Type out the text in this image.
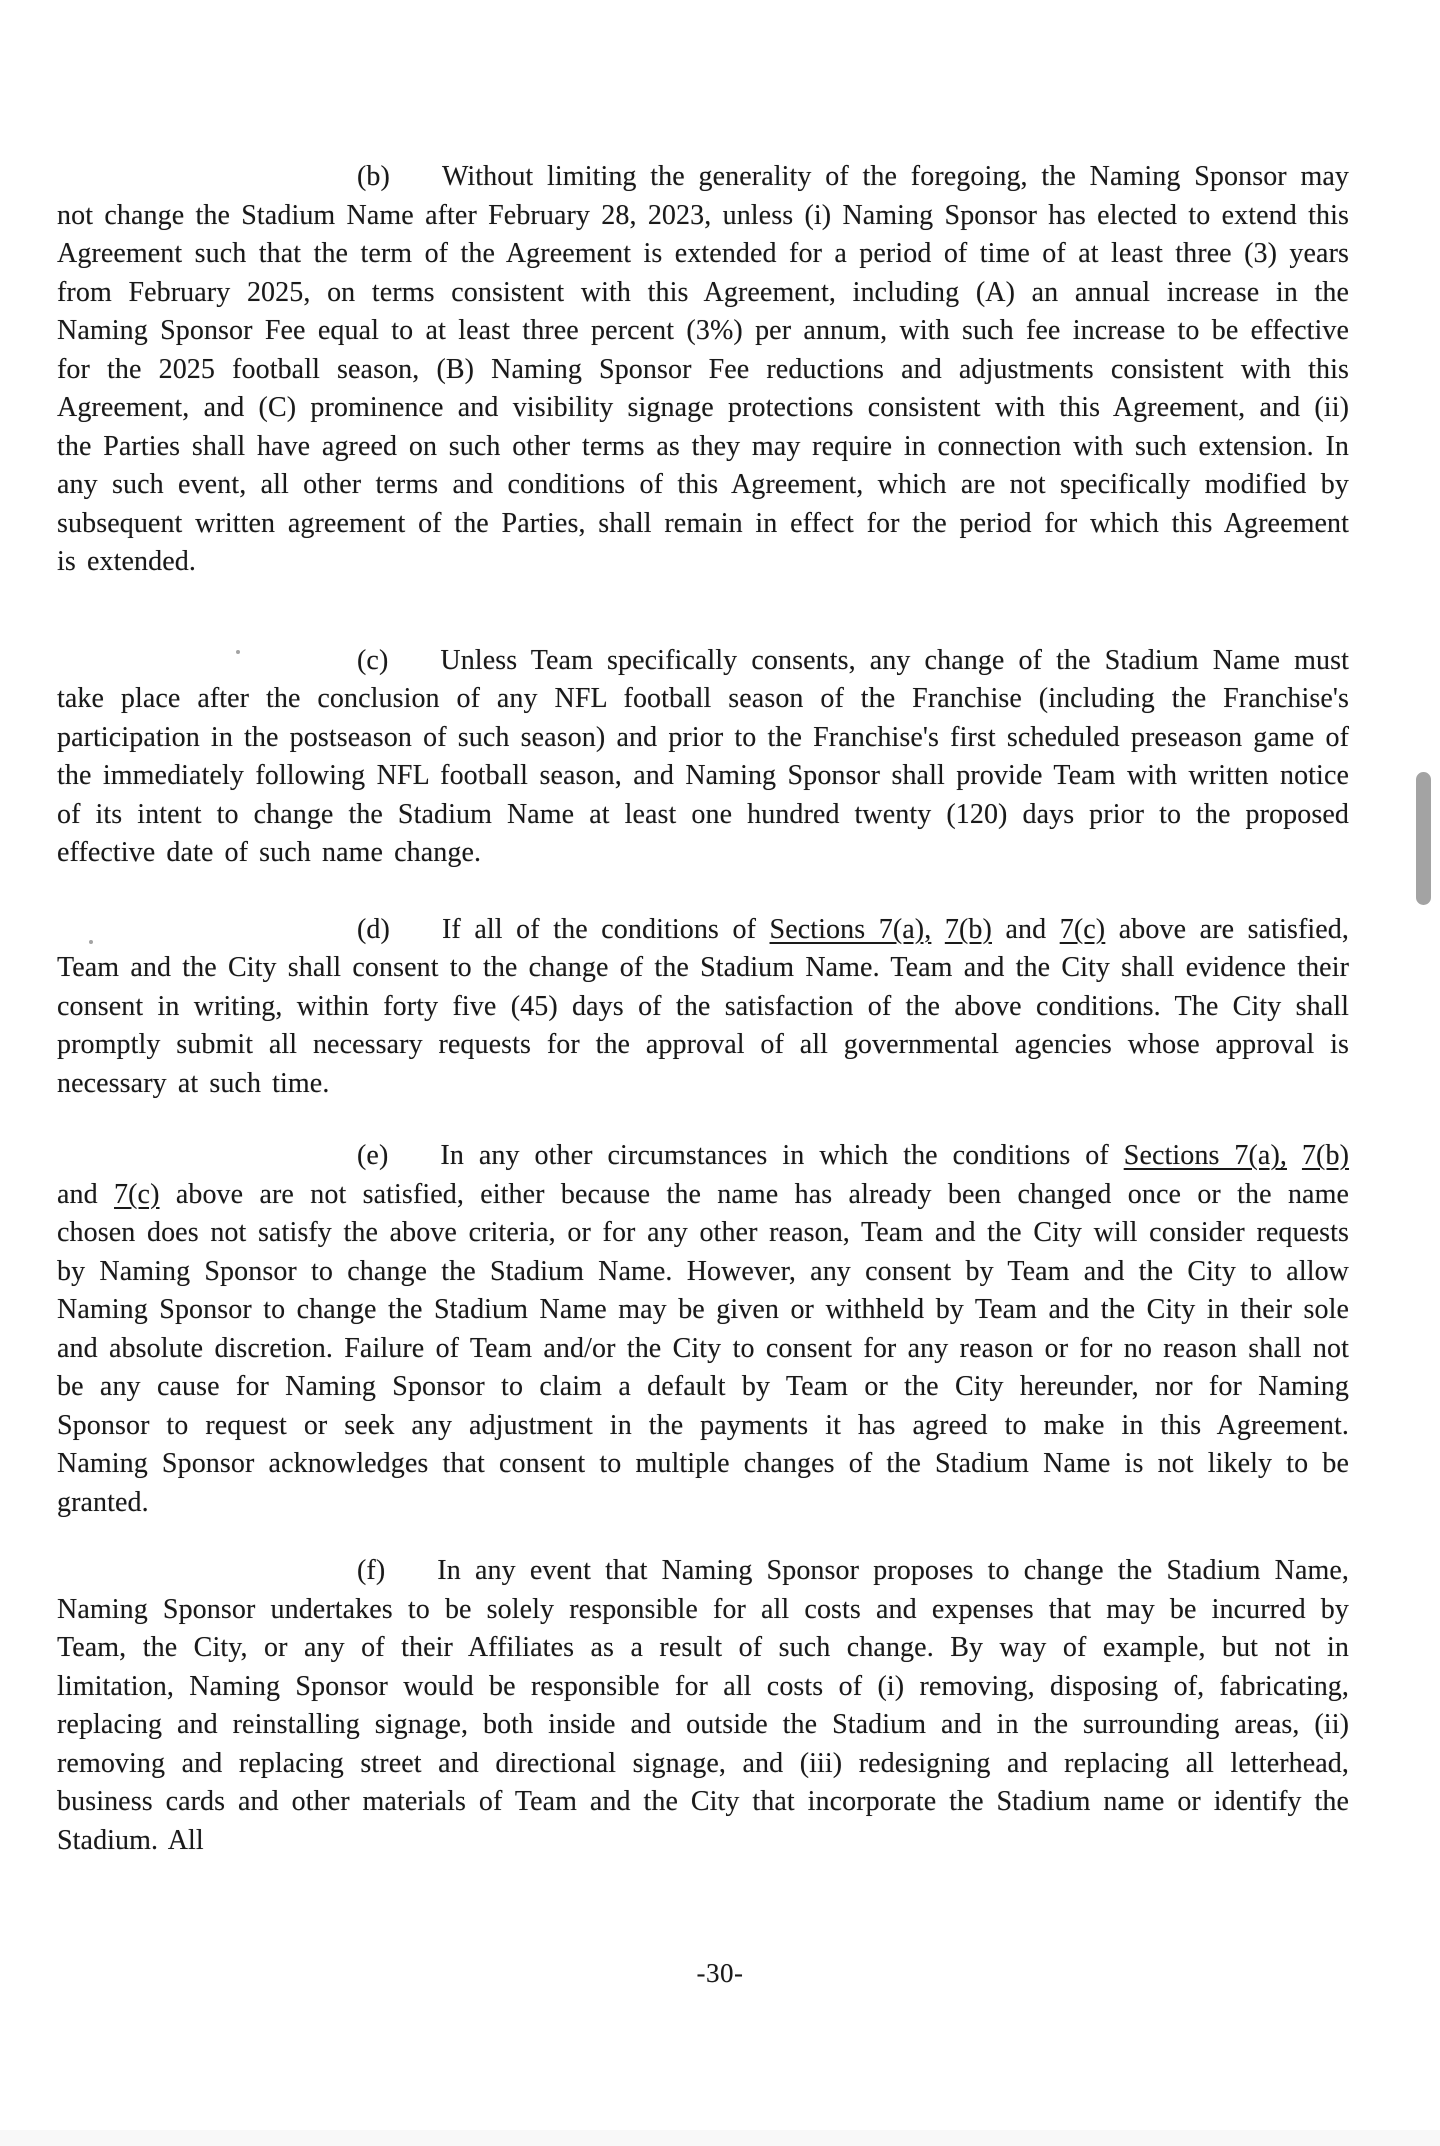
(b) Without limiting the generality of the foregoing, the Naming Sponsor may not change the Stadium Name after February 28, 2023, unless (i) Naming Sponsor has elected to extend this Agreement such that the term of the Agreement is extended for a period of time of at least three (3) years from February 2025, on terms consistent with this Agreement, including (A) an annual increase in the Naming Sponsor Fee equal to at least three percent (3%) per annum, with such fee increase to be effective for the 2025 football season, (B) Naming Sponsor Fee reductions and adjustments consistent with this Agreement, and (C) prominence and visibility signage protections consistent with this Agreement, and (ii) the Parties shall have agreed on such other terms as they may require in connection with such extension. In any such event, all other terms and conditions of this Agreement, which are not specifically modified by subsequent written agreement of the Parties, shall remain in effect for the period for which this Agreement is extended.

(c) Unless Team specifically consents, any change of the Stadium Name must take place after the conclusion of any NFL football season of the Franchise (including the Franchise's participation in the postseason of such season) and prior to the Franchise's first scheduled preseason game of the immediately following NFL football season, and Naming Sponsor shall provide Team with written notice of its intent to change the Stadium Name at least one hundred twenty (120) days prior to the proposed effective date of such name change.

(d) If all of the conditions of Sections 7(a), 7(b) and 7(c) above are satisfied, Team and the City shall consent to the change of the Stadium Name. Team and the City shall evidence their consent in writing, within forty five (45) days of the satisfaction of the above conditions. The City shall promptly submit all necessary requests for the approval of all governmental agencies whose approval is necessary at such time.

(e) In any other circumstances in which the conditions of Sections 7(a), 7(b) and 7(c) above are not satisfied, either because the name has already been changed once or the name chosen does not satisfy the above criteria, or for any other reason, Team and the City will consider requests by Naming Sponsor to change the Stadium Name. However, any consent by Team and the City to allow Naming Sponsor to change the Stadium Name may be given or withheld by Team and the City in their sole and absolute discretion. Failure of Team and/or the City to consent for any reason or for no reason shall not be any cause for Naming Sponsor to claim a default by Team or the City hereunder, nor for Naming Sponsor to request or seek any adjustment in the payments it has agreed to make in this Agreement. Naming Sponsor acknowledges that consent to multiple changes of the Stadium Name is not likely to be granted.

(f) In any event that Naming Sponsor proposes to change the Stadium Name, Naming Sponsor undertakes to be solely responsible for all costs and expenses that may be incurred by Team, the City, or any of their Affiliates as a result of such change. By way of example, but not in limitation, Naming Sponsor would be responsible for all costs of (i) removing, disposing of, fabricating, replacing and reinstalling signage, both inside and outside the Stadium and in the surrounding areas, (ii) removing and replacing street and directional signage, and (iii) redesigning and replacing all letterhead, business cards and other materials of Team and the City that incorporate the Stadium name or identify the Stadium. All

-30-
